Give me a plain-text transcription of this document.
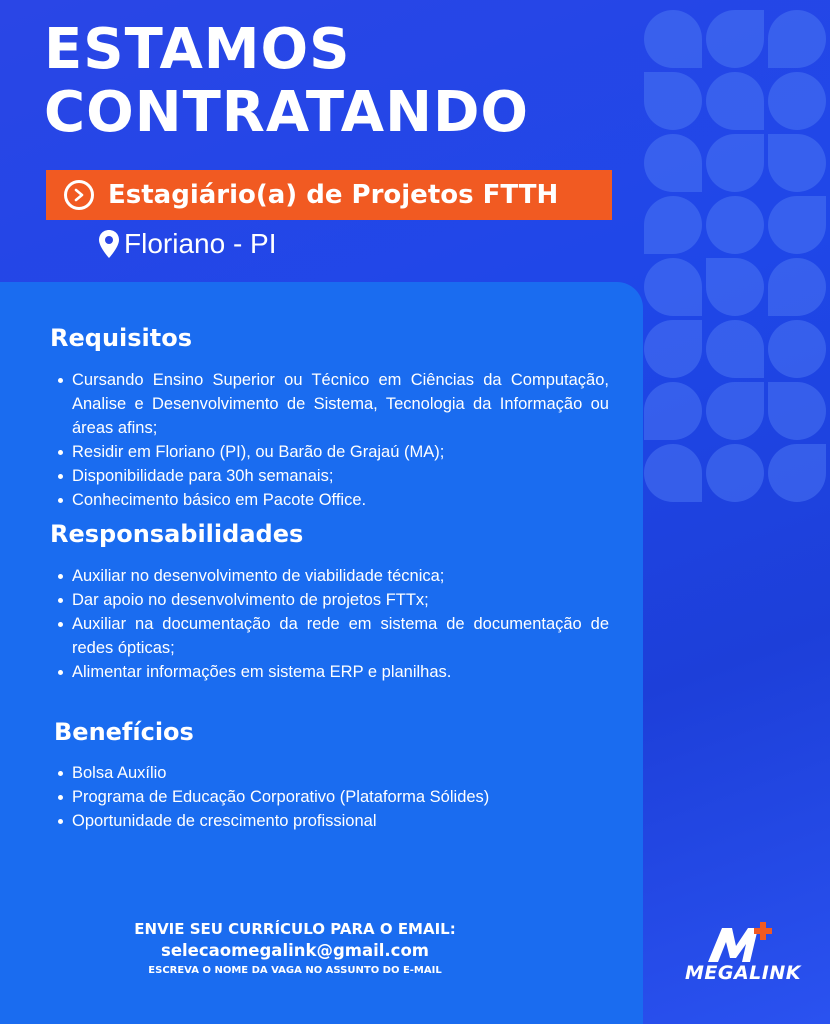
ESTAMOS
CONTRATANDO
Estagiário(a) de Projetos FTTH
Floriano - PI
Requisitos
Cursando Ensino Superior ou Técnico em Ciências da Computação, Analise e Desenvolvimento de Sistema, Tecnologia da Informação ou áreas afins;
Residir em Floriano (PI), ou Barão de Grajaú (MA);
Disponibilidade para 30h semanais;
Conhecimento básico em Pacote Office.
Responsabilidades
Auxiliar no desenvolvimento de viabilidade técnica;
Dar apoio no desenvolvimento de projetos FTTx;
Auxiliar na documentação da rede em sistema de documentação de redes ópticas;
Alimentar informações em sistema ERP e planilhas.
Benefícios
Bolsa Auxílio
Programa de Educação Corporativo (Plataforma Sólides)
Oportunidade de crescimento profissional
ENVIE SEU CURRÍCULO PARA O EMAIL:
selecaomegalink@gmail.com
ESCREVA O NOME DA VAGA NO ASSUNTO DO E-MAIL	MEGALINK
